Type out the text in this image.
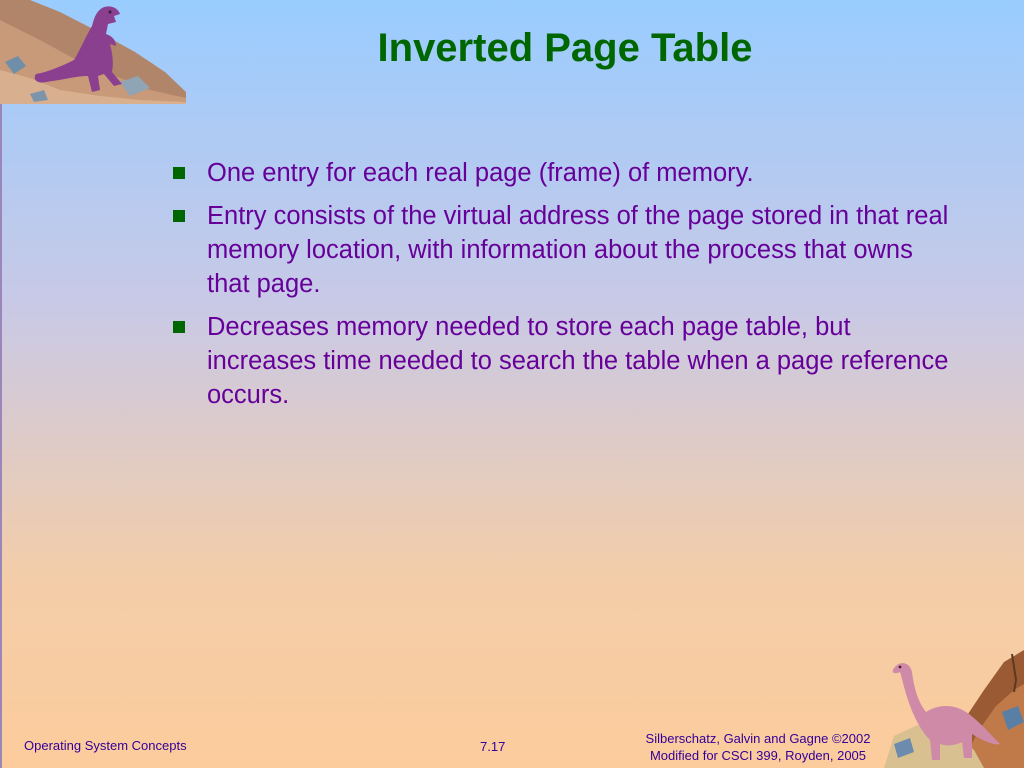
Inverted Page Table
One entry for each real page (frame) of memory.
Entry consists of the virtual address of the page stored in that real memory location, with information about the process that owns that page.
Decreases memory needed to store each page table, but increases time needed to search the table when a page reference occurs.
Operating System Concepts	7.17
Silberschatz, Galvin and Gagne ©2002
Modified for CSCI 399, Royden, 2005
